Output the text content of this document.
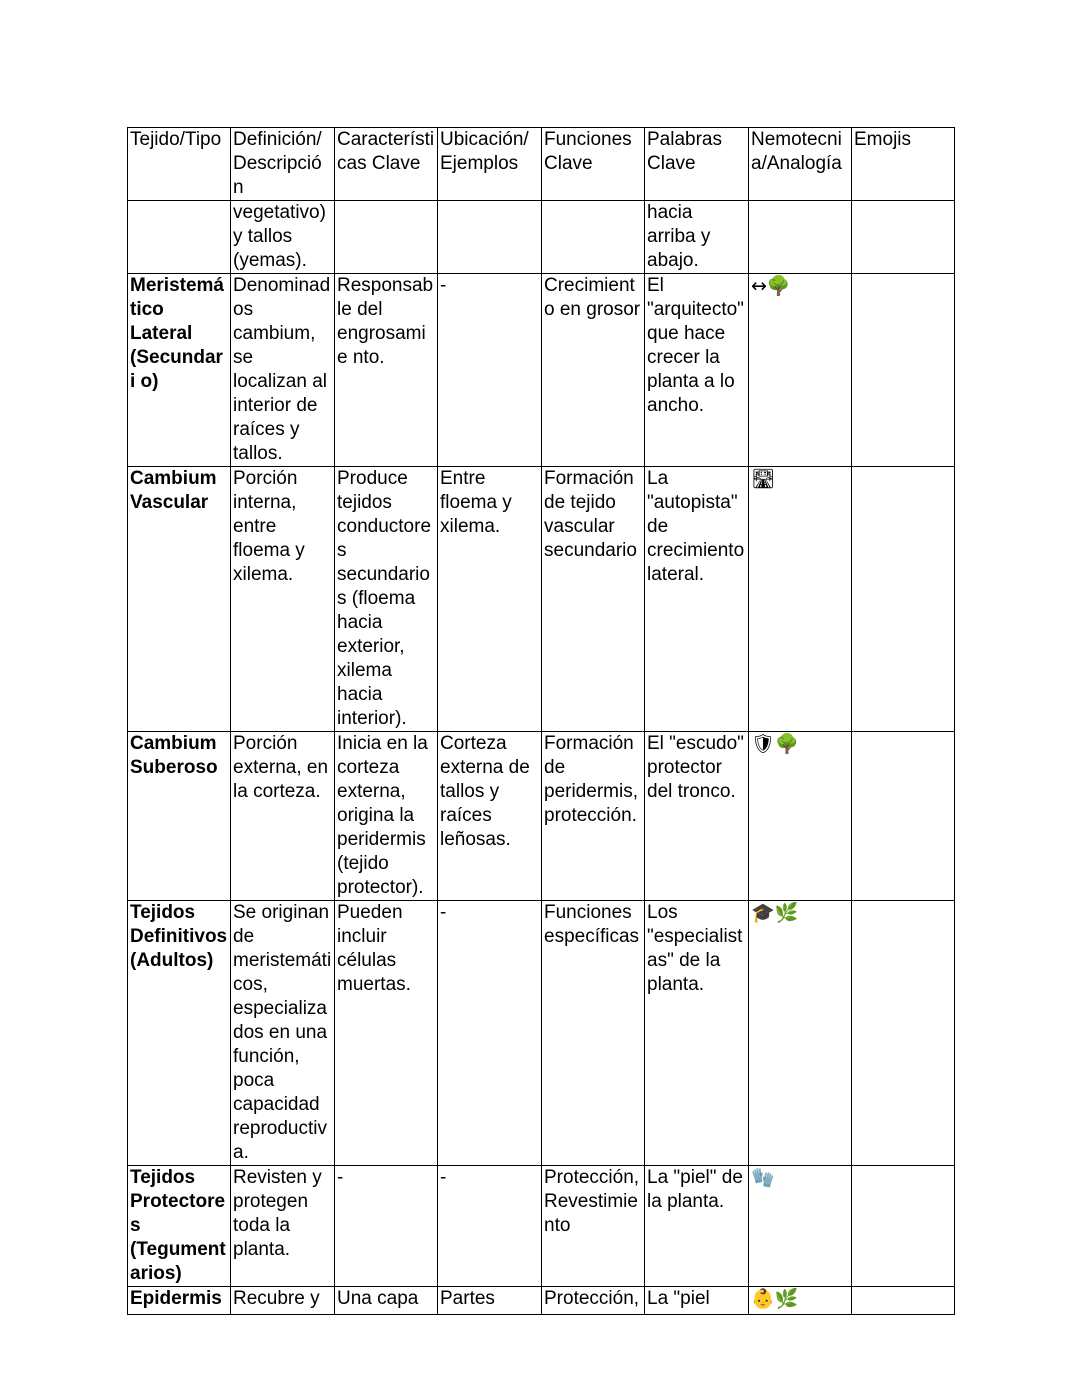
Tejido/Tipo	Definición/ Descripción	Característi cas Clave	Ubicación/ Ejemplos	Funciones Clave	Palabras Clave	Nemotecni a/Analogía	Emojis
	vegetativo) y tallos (yemas).				hacia arriba y abajo.		
Meristemá tico Lateral (Secundari o)	Denominad os cambium, se localizan al interior de raíces y tallos.	Responsab le del engrosamie nto.	-	Crecimient o en grosor	El "arquitecto" que hace crecer la planta a lo ancho.	↔🌳	
Cambium Vascular	Porción interna, entre floema y xilema.	Produce tejidos conductore s secundario s (floema hacia exterior, xilema hacia interior).	Entre floema y xilema.	Formación de tejido vascular secundario	La "autopista" de crecimiento lateral.	🛣	
Cambium Suberoso	Porción externa, en la corteza.	Inicia en la corteza externa, origina la peridermis (tejido protector).	Corteza externa de tallos y raíces leñosas.	Formación de peridermis, protección.	El "escudo" protector del tronco.	🛡🌳	
Tejidos Definitivos (Adultos)	Se originan de meristemáti cos, especializa dos en una función, poca capacidad reproductiv a.	Pueden incluir células muertas.	-	Funciones específicas	Los "especialist as" de la planta.	🎓🌿	
Tejidos Protectore s (Tegument arios)	Revisten y protegen toda la planta.	-	-	Protección, Revestimie nto	La "piel" de la planta.	🧤	
Epidermis	Recubre y	Una capa	Partes	Protección,	La "piel	👶🌿	
